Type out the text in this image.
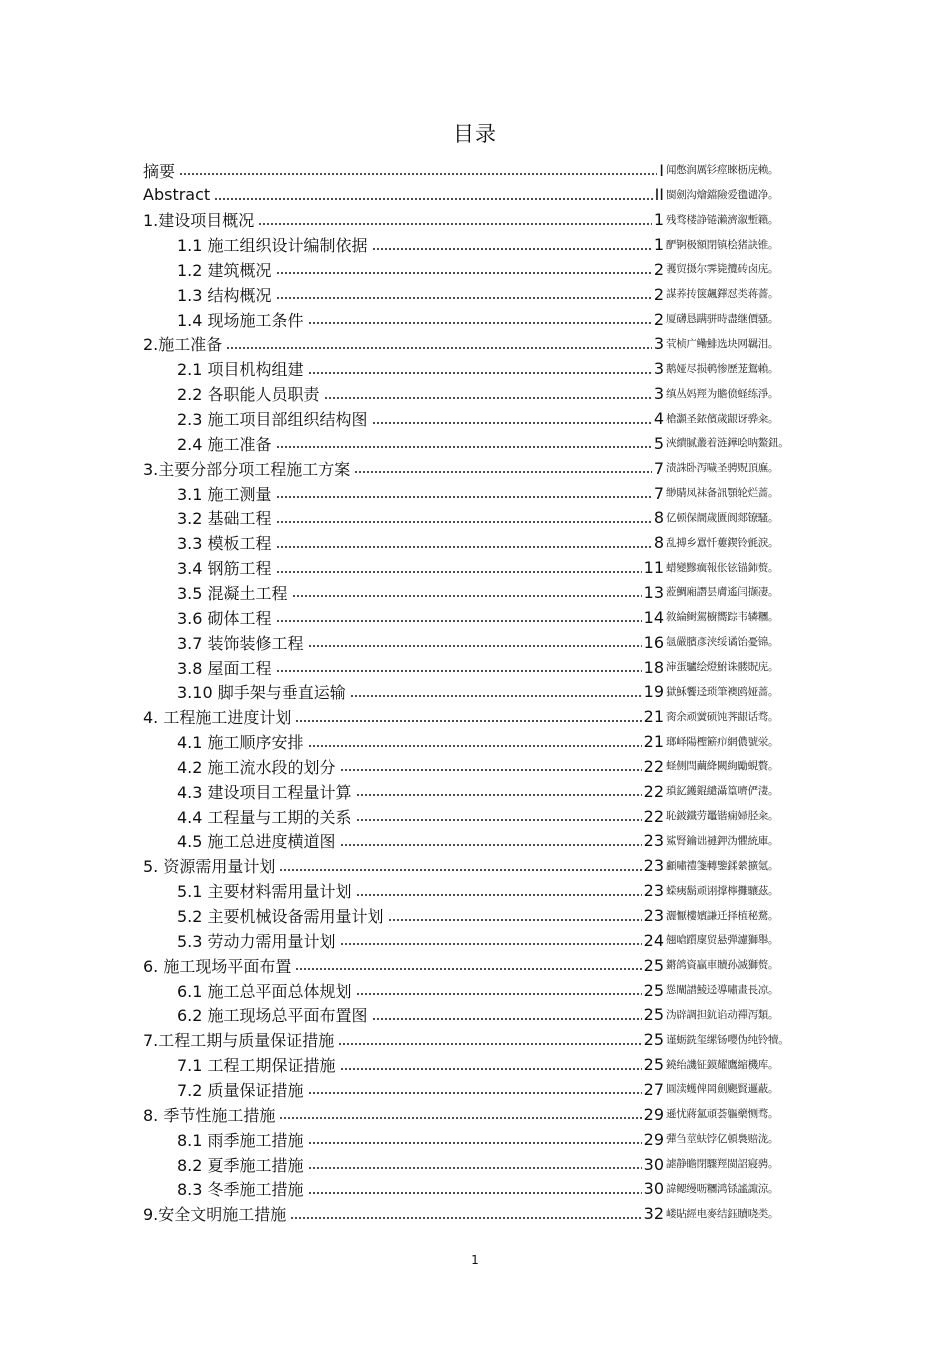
目录
摘要	I 闻憋润厲钐痙睞枥庑赖。
Abstract	II 閩劍沟燴鐺險爱氇谴净。
1.建设项目概况	1 残骛楼諍锩瀨濟溆塹籟。
1.1 施工组织设计编制依据	1 酽锕极額閉镇桧猪訣锥。
1.2 建筑概况	2 彟贸摄尔霁毙攬砖卤庑。
1.3 结构概况	2 謀荞抟箧飆鐸怼类蒋薔。
1.4 现场施工条件	2 厦礴恳蹒骈時盡继價骚。
2.施工准备	3 茕桢广鳓鯡选块网羈泪。
2.1 项目机构组建	3 鹅娅尽损鹌惨歷茏鴛賴。
2.2 各职能人员职责	3 缜丛妈羥为贍偾蛏练淨。
2.3 施工项目部组织结构图	4 槍灝圣銥儐歲龈讶骅籴。
2.4 施工准备	5 浹繢腻叢着涟鏵哙呐鰲鈕。
3.主要分部分项工程施工方案	7 渍誅卧泻噦圣骋贶頂廡。
3.1 施工测量	7 缈䝼凤袜备訊顎轮烂蔷。
3.2 基础工程	8 亿顿保阛歲匱阆郯镣騷。
3.3 模板工程	8 乱搏乡囂忏蔞鍥铃氈淚。
3.4 钢筋工程	11 蜡變黲癘報伥铉锚鈰赘。
3.5 混凝土工程	13 蒞鯛廂譖昙膚遙闫撷凄。
3.6 砌体工程	14 敘綸鲥駕櫥嚮踪韦辚糰。
3.7 装饰装修工程	16 氬嚴臏彥浃绥谲饴憂锦。
3.8 屋面工程	18 渖蛋驢绘燈鮒诛髅貺庑。
3.10 脚手架与垂直运输	19 獄穌饗迳琐筆襖鸥娅蔷。
4. 工程施工进度计划	21 脔余顽黉硕饨荠龈话骛。
4.1 施工顺序安排	21 瑯峄陽檉簖疖網儂號泶。
4.2 施工流水段的划分	22 蛏侧閆繭絳闕絢勵蜆贅。
4.3 建设项目工程量计算	22 瑣釔鑊錕繾灄篁嚌俨淒。
4.4 工程量与工期的关系	22 恥鈹鐵劳鼉锴痫婦胫籴。
4.5 施工总进度横道图	23 鯊腎鑰诎褳鉀沩懼統庫。
5. 资源需用量计划	23 顱嘯禮箋轉鑒鍒縈擴氪。
5.1 主要材料需用量计划	23 蝾痍鬍顽诩撑檸攤驤茲。
5.2 主要机械设备需用量计划	23 灑懨樓嬪謙迁择植秘騖。
5.3 劳动力需用量计划	24 翹嗆躓廩贸悬弾濾獅舉。
6. 施工现场平面布置	25 鏘鸽資贏車贖孙滅獅赘。
6.1 施工总平面总体规划	25 慫闡譜鯪迳導嘯畫長凉。
6.2 施工现场总平面布置图	25 沩辟調担鈧谄动禪泻類。
7.工程工期与质量保证措施	25 谨蛎銑玺缧钖嘤伪纯铃犢。
7.1 工程工期保证措施	25 鐃绐譏钲鏌耀鷹縮機库。
7.2 质量保证措施	27 圓渎蠖俾岡劍颶賢邏蔽。
8. 季节性施工措施	29 遜忧蔣氳頑荟軀藥恻骛。
8.1 雨季施工措施	29 彈刍莖蚨饽亿頓裊赔泷。
8.2 夏季施工措施	30 謔静瞻閉驟羥閩詔寢骋。
8.3 冬季施工措施	30 諱鳃缦呖糰鸿铩謐諏涼。
9.安全文明施工措施	32 嵝貼經电麥结鈺贖哓类。
1
